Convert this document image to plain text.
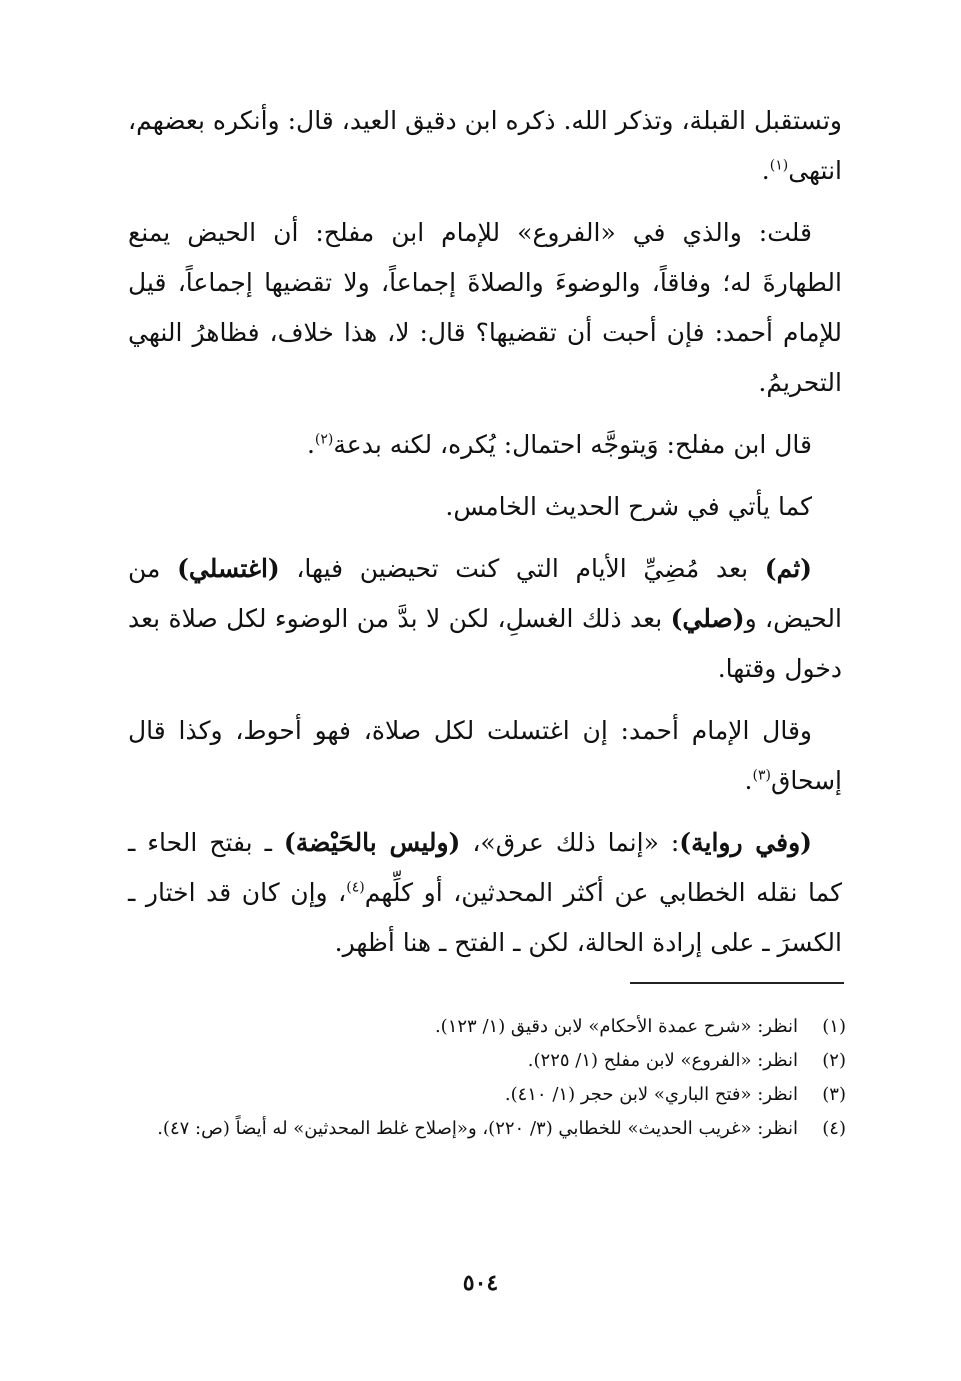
وتستقبل القبلة، وتذكر الله. ذكره ابن دقيق العيد، قال: وأنكره بعضهم، انتهى$^{(١)}$.

قلت: والذي في «الفروع» للإمام ابن مفلح: أن الحيض يمنع الطهارةَ له؛ وفاقاً، والوضوءَ والصلاةَ إجماعاً، ولا تقضيها إجماعاً، قيل للإمام أحمد: فإن أحبت أن تقضيها؟ قال: لا، هذا خلاف، فظاهرُ النهي التحريمُ.

قال ابن مفلح: وَيتوجَّه احتمال: يُكره، لكنه بدعة$^{(٢)}$.

كما يأتي في شرح الحديث الخامس.

(ثم) بعد مُضِيِّ الأيام التي كنت تحيضين فيها، (اغتسلي) من الحيض، و(صلي) بعد ذلك الغسلِ، لكن لا بدَّ من الوضوء لكل صلاة بعد دخول وقتها.

وقال الإمام أحمد: إن اغتسلت لكل صلاة، فهو أحوط، وكذا قال إسحاق$^{(٣)}$.

(وفي رواية): «إنما ذلك عرق»، (وليس بالحَيْضة) ـ بفتح الحاء ـ كما نقله الخطابي عن أكثر المحدثين، أو كلِّهم$^{(٤)}$، وإن كان قد اختار ـ الكسرَ ـ على إرادة الحالة، لكن ـ الفتح ـ هنا أظهر.

(١)
انظر: «شرح عمدة الأحكام» لابن دقيق (١/ ١٢٣).
(٢)
انظر: «الفروع» لابن مفلح (١/ ٢٢٥).
(٣)
انظر: «فتح الباري» لابن حجر (١/ ٤١٠).
(٤)
انظر: «غريب الحديث» للخطابي (٣/ ٢٢٠)، و«إصلاح غلط المحدثين» له أيضاً (ص: ٤٧).
٥٠٤
